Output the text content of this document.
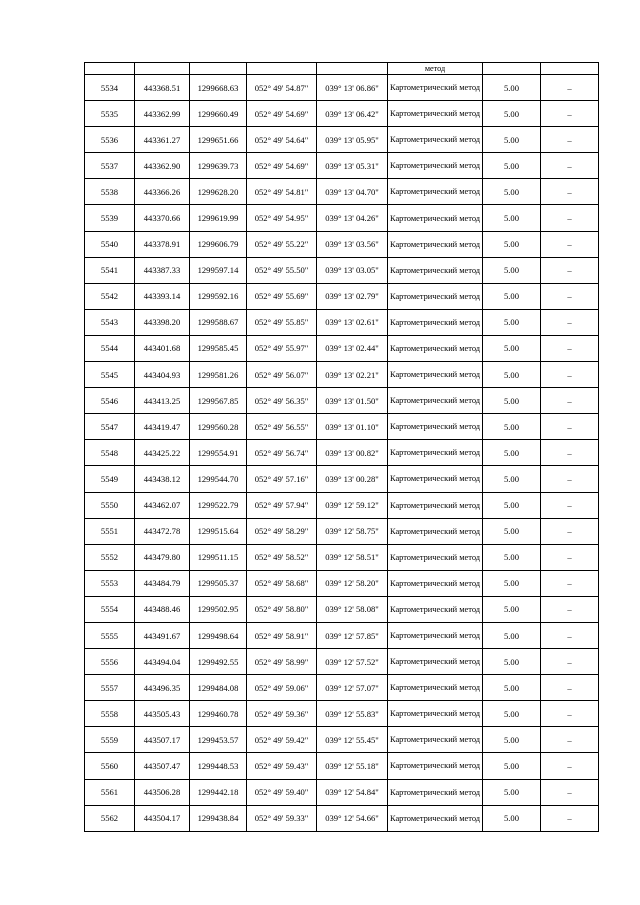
					метод		
5534	443368.51	1299668.63	052° 49' 54.87"	039° 13' 06.86"	Картометрический метод	5.00	–
5535	443362.99	1299660.49	052° 49' 54.69"	039° 13' 06.42"	Картометрический метод	5.00	–
5536	443361.27	1299651.66	052° 49' 54.64"	039° 13' 05.95"	Картометрический метод	5.00	–
5537	443362.90	1299639.73	052° 49' 54.69"	039° 13' 05.31"	Картометрический метод	5.00	–
5538	443366.26	1299628.20	052° 49' 54.81"	039° 13' 04.70"	Картометрический метод	5.00	–
5539	443370.66	1299619.99	052° 49' 54.95"	039° 13' 04.26"	Картометрический метод	5.00	–
5540	443378.91	1299606.79	052° 49' 55.22"	039° 13' 03.56"	Картометрический метод	5.00	–
5541	443387.33	1299597.14	052° 49' 55.50"	039° 13' 03.05"	Картометрический метод	5.00	–
5542	443393.14	1299592.16	052° 49' 55.69"	039° 13' 02.79"	Картометрический метод	5.00	–
5543	443398.20	1299588.67	052° 49' 55.85"	039° 13' 02.61"	Картометрический метод	5.00	–
5544	443401.68	1299585.45	052° 49' 55.97"	039° 13' 02.44"	Картометрический метод	5.00	–
5545	443404.93	1299581.26	052° 49' 56.07"	039° 13' 02.21"	Картометрический метод	5.00	–
5546	443413.25	1299567.85	052° 49' 56.35"	039° 13' 01.50"	Картометрический метод	5.00	–
5547	443419.47	1299560.28	052° 49' 56.55"	039° 13' 01.10"	Картометрический метод	5.00	–
5548	443425.22	1299554.91	052° 49' 56.74"	039° 13' 00.82"	Картометрический метод	5.00	–
5549	443438.12	1299544.70	052° 49' 57.16"	039° 13' 00.28"	Картометрический метод	5.00	–
5550	443462.07	1299522.79	052° 49' 57.94"	039° 12' 59.12"	Картометрический метод	5.00	–
5551	443472.78	1299515.64	052° 49' 58.29"	039° 12' 58.75"	Картометрический метод	5.00	–
5552	443479.80	1299511.15	052° 49' 58.52"	039° 12' 58.51"	Картометрический метод	5.00	–
5553	443484.79	1299505.37	052° 49' 58.68"	039° 12' 58.20"	Картометрический метод	5.00	–
5554	443488.46	1299502.95	052° 49' 58.80"	039° 12' 58.08"	Картометрический метод	5.00	–
5555	443491.67	1299498.64	052° 49' 58.91"	039° 12' 57.85"	Картометрический метод	5.00	–
5556	443494.04	1299492.55	052° 49' 58.99"	039° 12' 57.52"	Картометрический метод	5.00	–
5557	443496.35	1299484.08	052° 49' 59.06"	039° 12' 57.07"	Картометрический метод	5.00	–
5558	443505.43	1299460.78	052° 49' 59.36"	039° 12' 55.83"	Картометрический метод	5.00	–
5559	443507.17	1299453.57	052° 49' 59.42"	039° 12' 55.45"	Картометрический метод	5.00	–
5560	443507.47	1299448.53	052° 49' 59.43"	039° 12' 55.18"	Картометрический метод	5.00	–
5561	443506.28	1299442.18	052° 49' 59.40"	039° 12' 54.84"	Картометрический метод	5.00	–
5562	443504.17	1299438.84	052° 49' 59.33"	039° 12' 54.66"	Картометрический метод	5.00	–
